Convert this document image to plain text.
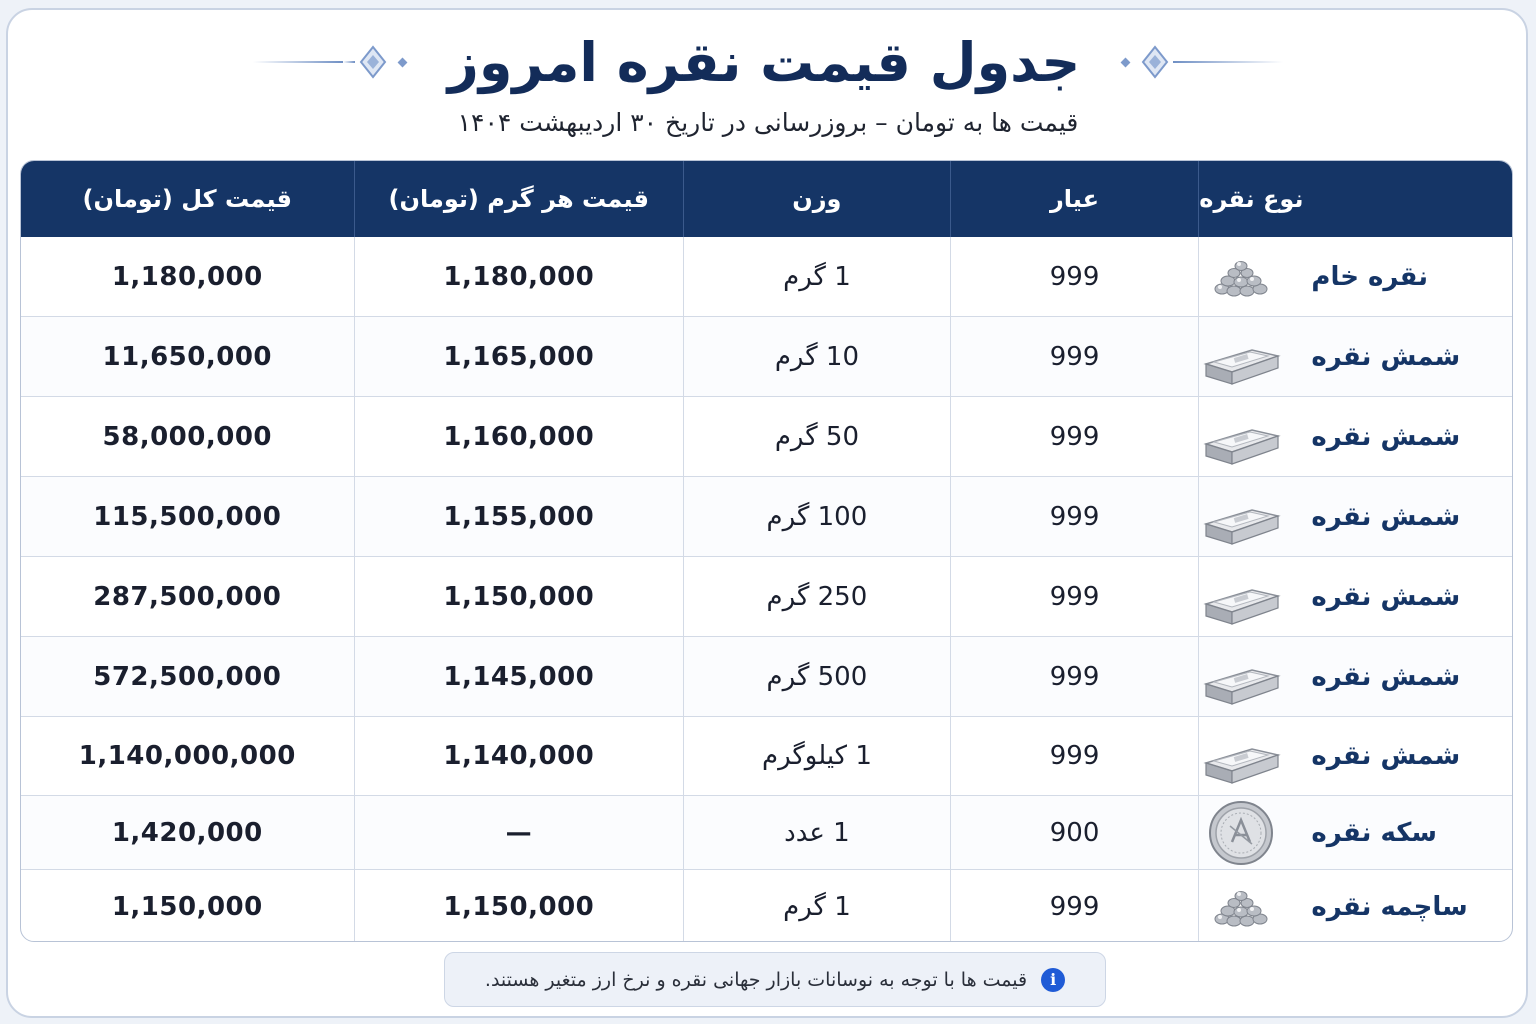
جدول قیمت نقره امروز
قیمت ها به تومان – بروزرسانی در تاریخ ۳۰ اردیبهشت ۱۴۰۴
نوع نقره
عیار
وزن
قیمت هر گرم (تومان)
قیمت کل (تومان)
نقره خام
999
1 گرم
1,180,000
1,180,000
شمش نقره
999
10 گرم
1,165,000
11,650,000
شمش نقره
999
50 گرم
1,160,000
58,000,000
شمش نقره
999
100 گرم
1,155,000
115,500,000
شمش نقره
999
250 گرم
1,150,000
287,500,000
شمش نقره
999
500 گرم
1,145,000
572,500,000
شمش نقره
999
1 کیلوگرم
1,140,000
1,140,000,000
سکه نقره
900
1 عدد
—
1,420,000
ساچمه نقره
999
1 گرم
1,150,000
1,150,000
i
قیمت ها با توجه به نوسانات بازار جهانی نقره و نرخ ارز متغیر هستند.
